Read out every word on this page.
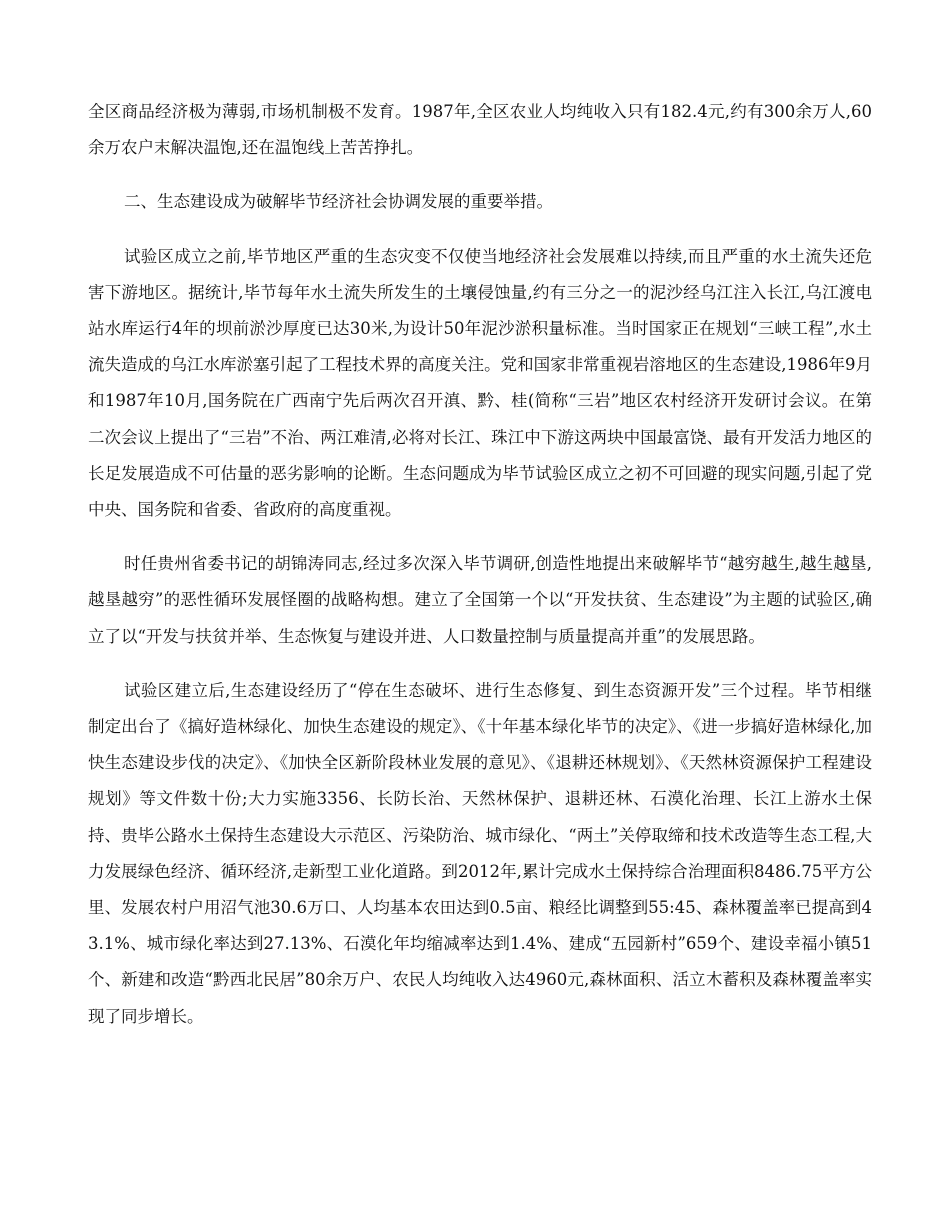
全区商品经济极为薄弱,市场机制极不发育。1987年,全区农业人均纯收入只有182.4元,约有300余万人,60余万农户末解决温饱,还在温饱线上苦苦挣扎。

二、生态建设成为破解毕节经济社会协调发展的重要举措。

试验区成立之前,毕节地区严重的生态灾变不仅使当地经济社会发展难以持续,而且严重的水土流失还危害下游地区。据统计,毕节每年水土流失所发生的土壤侵蚀量,约有三分之一的泥沙经乌江注入长江,乌江渡电站水库运行4年的坝前淤沙厚度已达30米,为设计50年泥沙淤积量标准。当时国家正在规划“三峡工程”,水土流失造成的乌江水库淤塞引起了工程技术界的高度关注。党和国家非常重视岩溶地区的生态建设,1986年9月和1987年10月,国务院在广西南宁先后两次召开滇、黔、桂(简称“三岩”地区农村经济开发研讨会议。在第二次会议上提出了“三岩”不治、两江难清,必将对长江、珠江中下游这两块中国最富饶、最有开发活力地区的长足发展造成不可估量的恶劣影响的论断。生态问题成为毕节试验区成立之初不可回避的现实问题,引起了党中央、国务院和省委、省政府的高度重视。

时任贵州省委书记的胡锦涛同志,经过多次深入毕节调研,创造性地提出来破解毕节“越穷越生,越生越垦,越垦越穷”的恶性循环发展怪圈的战略构想。建立了全国第一个以“开发扶贫、生态建设”为主题的试验区,确立了以“开发与扶贫并举、生态恢复与建设并进、人口数量控制与质量提高并重”的发展思路。

试验区建立后,生态建设经历了“停在生态破坏、进行生态修复、到生态资源开发”三个过程。毕节相继制定出台了《搞好造林绿化、加快生态建设的规定》、《十年基本绿化毕节的决定》、《进一步搞好造林绿化,加快生态建设步伐的决定》、《加快全区新阶段林业发展的意见》、《退耕还林规划》、《天然林资源保护工程建设规划》等文件数十份;大力实施3356、长防长治、天然林保护、退耕还林、石漠化治理、长江上游水土保持、贵毕公路水土保持生态建设大示范区、污染防治、城市绿化、“两土”关停取缔和技术改造等生态工程,大力发展绿色经济、循环经济,走新型工业化道路。到2012年,累计完成水土保持综合治理面积8486.75平方公里、发展农村户用沼气池30.6万口、人均基本农田达到0.5亩、粮经比调整到55:45、森林覆盖率已提高到43.1%、城市绿化率达到27.13%、石漠化年均缩减率达到1.4%、建成“五园新村”659个、建设幸福小镇51个、新建和改造“黔西北民居”80余万户、农民人均纯收入达4960元,森林面积、活立木蓄积及森林覆盖率实现了同步增长。
